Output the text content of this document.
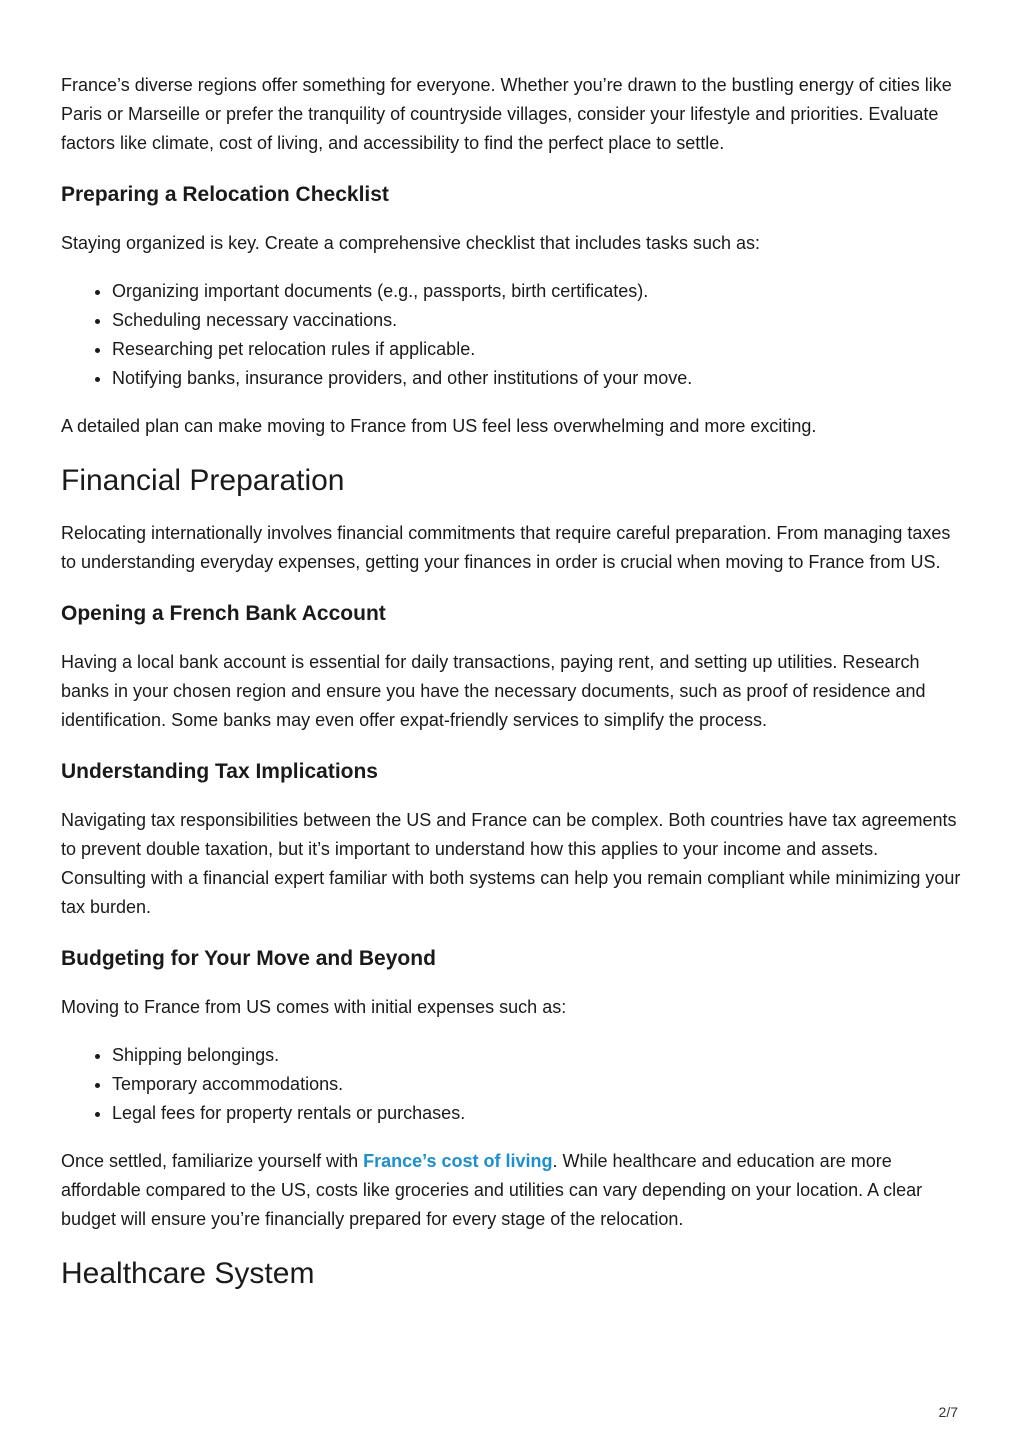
France’s diverse regions offer something for everyone. Whether you’re drawn to the bustling energy of cities like Paris or Marseille or prefer the tranquility of countryside villages, consider your lifestyle and priorities. Evaluate factors like climate, cost of living, and accessibility to find the perfect place to settle.

Preparing a Relocation Checklist

Staying organized is key. Create a comprehensive checklist that includes tasks such as:

• Organizing important documents (e.g., passports, birth certificates).
• Scheduling necessary vaccinations.
• Researching pet relocation rules if applicable.
• Notifying banks, insurance providers, and other institutions of your move.

A detailed plan can make moving to France from US feel less overwhelming and more exciting.

Financial Preparation

Relocating internationally involves financial commitments that require careful preparation. From managing taxes to understanding everyday expenses, getting your finances in order is crucial when moving to France from US.

Opening a French Bank Account

Having a local bank account is essential for daily transactions, paying rent, and setting up utilities. Research banks in your chosen region and ensure you have the necessary documents, such as proof of residence and identification. Some banks may even offer expat-friendly services to simplify the process.

Understanding Tax Implications

Navigating tax responsibilities between the US and France can be complex. Both countries have tax agreements to prevent double taxation, but it’s important to understand how this applies to your income and assets. Consulting with a financial expert familiar with both systems can help you remain compliant while minimizing your tax burden.

Budgeting for Your Move and Beyond

Moving to France from US comes with initial expenses such as:

• Shipping belongings.
• Temporary accommodations.
• Legal fees for property rentals or purchases.

Once settled, familiarize yourself with France’s cost of living. While healthcare and education are more affordable compared to the US, costs like groceries and utilities can vary depending on your location. A clear budget will ensure you’re financially prepared for every stage of the relocation.

Healthcare System
2/7
